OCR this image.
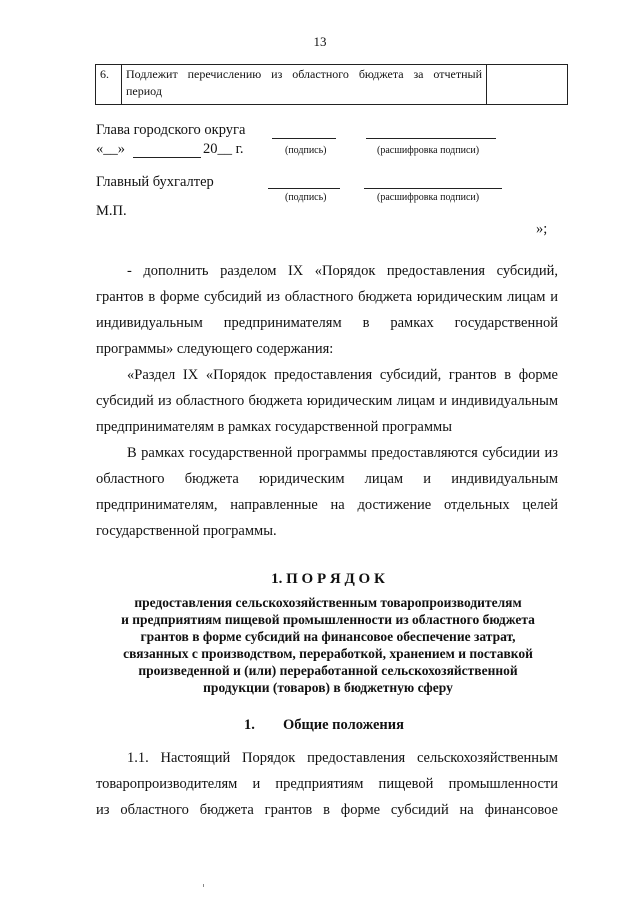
13
6.	Подлежит перечислению из областного бюджета за отчетный
период

Глава городского округа
«__»	20__ г.	(подпись)	(расшифровка подписи)
Главный бухгалтер
(подпись)	(расшифровка подписи)
М.П.
»;
- дополнить разделом IX «Порядок предоставления субсидий,
грантов в форме субсидий из областного бюджета юридическим лицам и
индивидуальным предпринимателям в рамках государственной
программы» следующего содержания:
«Раздел IX «Порядок предоставления субсидий, грантов в форме
субсидий из областного бюджета юридическим лицам и индивидуальным
предпринимателям в рамках государственной программы
В рамках государственной программы предоставляются субсидии из
областного бюджета юридическим лицам и индивидуальным
предпринимателям, направленные на достижение отдельных целей
государственной программы.
1. П О Р Я Д О К
предоставления сельскохозяйственным товаропроизводителям
и предприятиям пищевой промышленности из областного бюджета
грантов в форме субсидий на финансовое обеспечение затрат,
связанных с производством, переработкой, хранением и поставкой
произведенной и (или) переработанной сельскохозяйственной
продукции (товаров) в бюджетную сферу
1. Общие положения
1.1. Настоящий Порядок предоставления сельскохозяйственным
товаропроизводителям и предприятиям пищевой промышленности
из областного бюджета грантов в форме субсидий на финансовое
